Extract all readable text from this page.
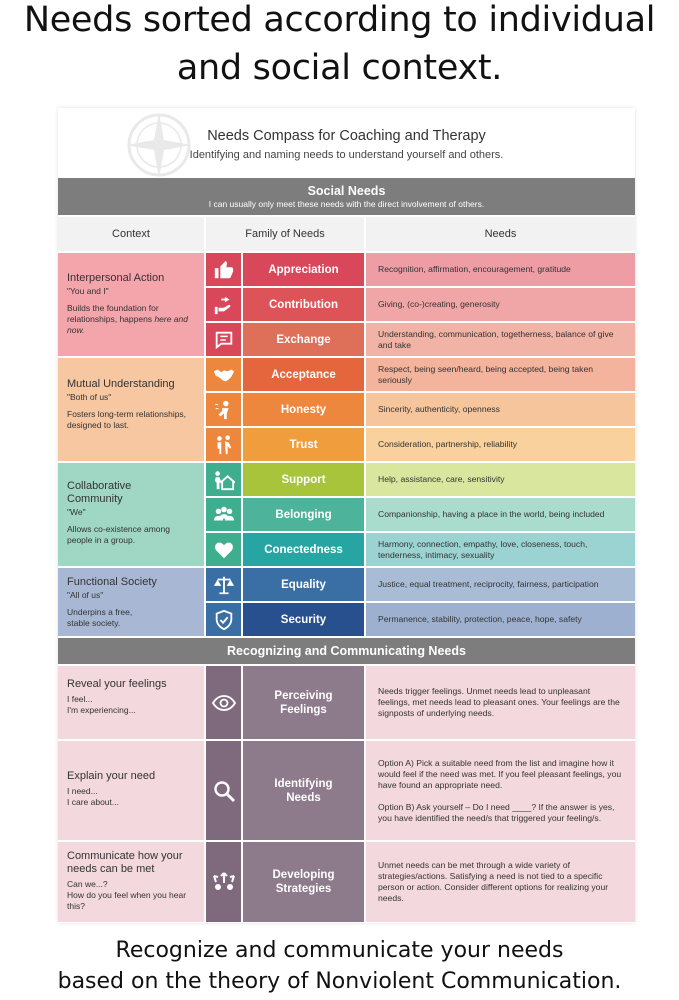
Needs sorted according to individual
and social context.
Needs Compass for Coaching and Therapy
Identifying and naming needs to understand yourself and others.
Social Needs
I can usually only meet these needs with the direct involvement of others.
Context	Family of Needs	Needs
Interpersonal Action
"You and I"
Builds the foundation for relationships, happens here and now.
Mutual Understanding
"Both of us"
Fosters long-term relationships, designed to last.
Collaborative Community
"We"
Allows co-existence among people in a group.
Functional Society
"All of us"
Underpins a free, stable society.
Appreciation
Contribution
Exchange
Acceptance
Honesty
Trust
Support
Belonging
Conectedness
Equality
Security
Recognition, affirmation, encouragement, gratitude
Giving, (co-)creating, generosity
Understanding, communication, togetherness, balance of give and take
Respect, being seen/heard, being accepted, being taken seriously
Sincerity, authenticity, openness
Consideration, partnership, reliability
Help, assistance, care, sensitivity
Companionship, having a place in the world, being included
Harmony, connection, empathy, love, closeness, touch, tenderness, intimacy, sexuality
Justice, equal treatment, reciprocity, fairness, participation
Permanence, stability, protection, peace, hope, safety
Recognizing and Communicating Needs
Reveal your feelings
I feel...
I'm experiencing...
Perceiving Feelings
Needs trigger feelings. Unmet needs lead to unpleasant feelings, met needs lead to pleasant ones. Your feelings are the signposts of underlying needs.
Explain your need
I need...
I care about...
Identifying Needs
Option A) Pick a suitable need from the list and imagine how it would feel if the need was met. If you feel pleasant feelings, you have found an appropriate need.
Option B) Ask yourself – Do I need ____? If the answer is yes, you have identified the need/s that triggered your feeling/s.
Communicate how your needs can be met
Can we...?
How do you feel when you hear this?
Developing Strategies
Unmet needs can be met through a wide variety of strategies/actions. Satisfying a need is not tied to a specific person or action. Consider different options for realizing your needs.
Recognize and communicate your needs
based on the theory of Nonviolent Communication.
